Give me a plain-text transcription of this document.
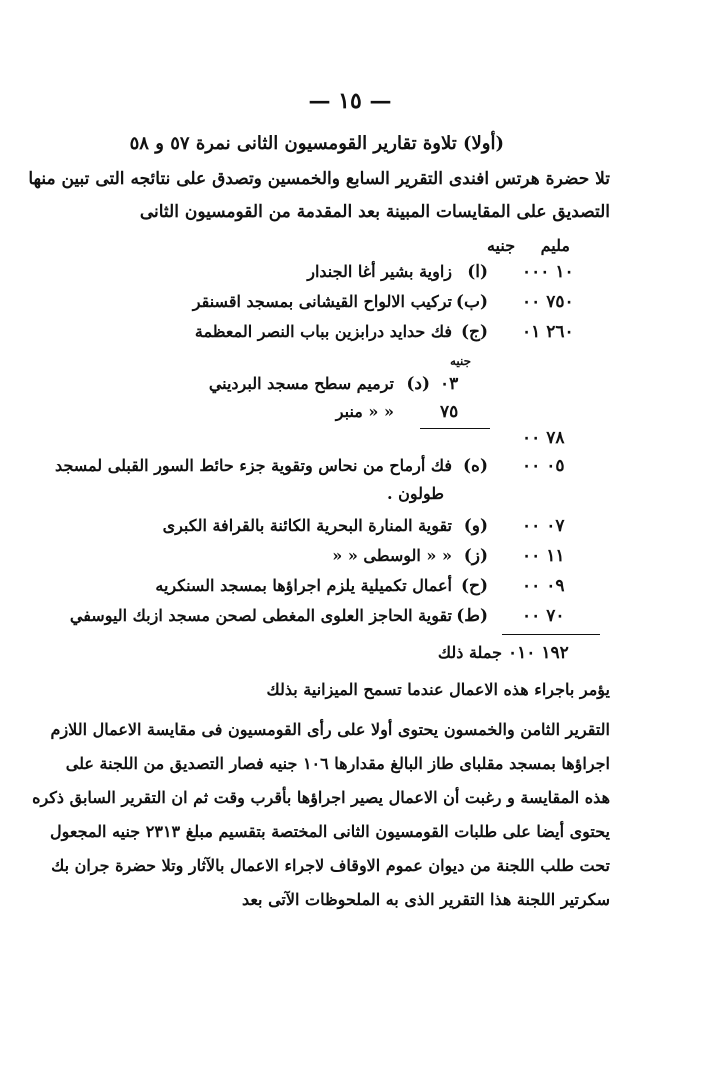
— ١٥ —
(أولا) تلاوة تقارير القومسيون الثانى نمرة ٥٧ و ٥٨
تلا حضرة هرتس افندى التقرير السابع والخمسين وتصدق على نتائجه التى تبين منها
التصديق على المقايسات المبينة بعد المقدمة من القومسيون الثانى
مليم جنيه
١٠ ٠٠٠
(ا)
زاوية بشير أغا الجندار
٧٥٠ ٠٠
(ب)
تركيب الالواح القيشانى بمسجد اقسنقر
٢٦٠ ٠١
(ج)
فك حدايد درابزين بباب النصر المعظمة
جنيه
٠٣
(د)
ترميم سطح مسجد البرديني
٧٥
« « منبر
٧٨ ٠٠
٠٥ ٠٠
(ه)
فك أرماح من نحاس وتقوية جزء حائط السور القبلى لمسجد
طولون .
٠٧ ٠٠
(و)
تقوية المنارة البحرية الكائنة بالقرافة الكبرى
١١ ٠٠
(ز)
« « الوسطى « «
٠٩ ٠٠
(ح)
أعمال تكميلية يلزم اجراؤها بمسجد السنكريه
٧٠ ٠٠
(ط)
تقوية الحاجز العلوى المغطى لصحن مسجد ازبك اليوسفي
١٩٢ ٠١٠
جملة ذلك
يؤمر باجراء هذه الاعمال عندما تسمح الميزانية بذلك
التقرير الثامن والخمسون يحتوى أولا على رأى القومسيون فى مقايسة الاعمال اللازم
اجراؤها بمسجد مقلباى طاز البالغ مقدارها ١٠٦ جنيه فصار التصديق من اللجنة على
هذه المقايسة و رغبت أن الاعمال يصير اجراؤها بأقرب وقت ثم ان التقرير السابق ذكره
يحتوى أيضا على طلبات القومسيون الثانى المختصة بتقسيم مبلغ ٢٣١٣ جنيه المجعول
تحت طلب اللجنة من ديوان عموم الاوقاف لاجراء الاعمال بالآثار وتلا حضرة جران بك
سكرتير اللجنة هذا التقرير الذى به الملحوظات الآتى بعد
